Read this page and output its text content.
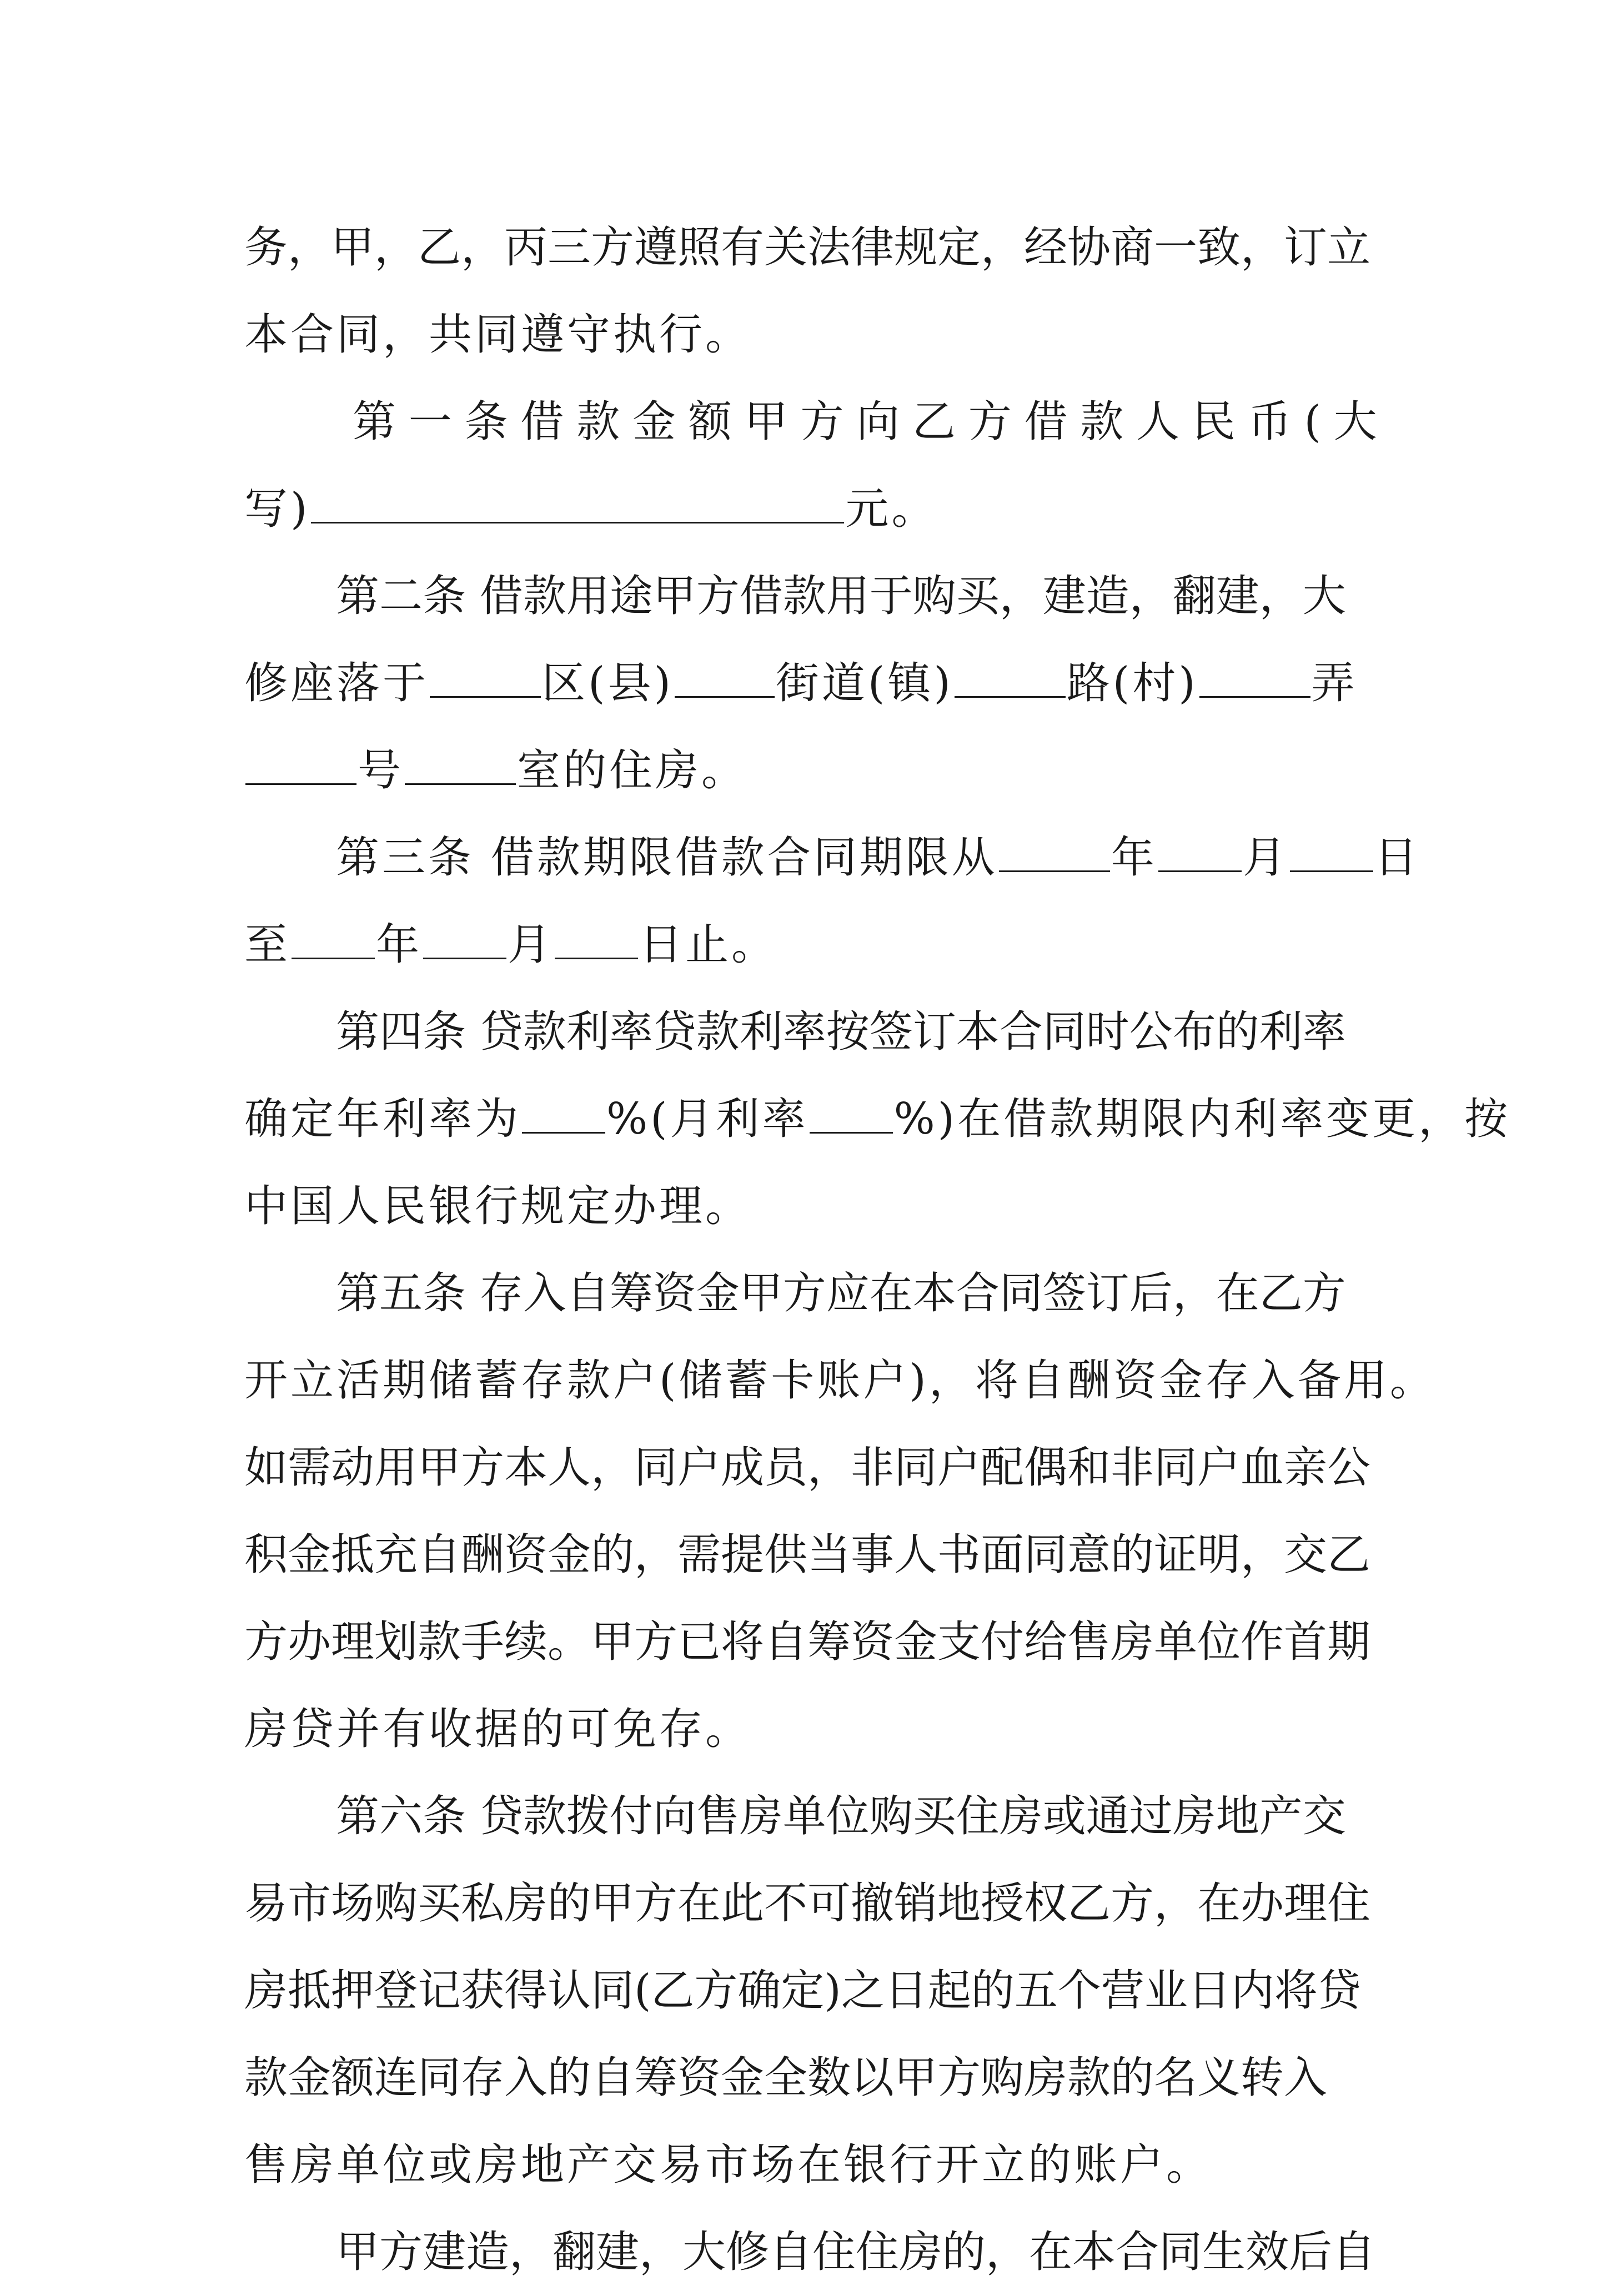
务，甲，乙，丙三方遵照有关法律规定，经协商一致，订立
本合同，共同遵守执行。
第 一 条 借 款 金 额 甲 方 向 乙 方 借 款 人 民 币 ( 大
写)	元。
第二条 借款用途甲方借款用于购买，建造，翻建，大
修座落于	区(县) 街道(镇)	路(村)	弄
号	室的住房。
第三条 借款期限借款合同期限从	年 月 日
至 年 月 日止。
第四条 贷款利率贷款利率按签订本合同时公布的利率
确定年利率为 %(月利率 %)在借款期限内利率变更，按
中国人民银行规定办理。
第五条 存入自筹资金甲方应在本合同签订后，在乙方
开立活期储蓄存款户(储蓄卡账户)，将自酬资金存入备用。
如需动用甲方本人，同户成员，非同户配偶和非同户血亲公
积金抵充自酬资金的，需提供当事人书面同意的证明，交乙
方办理划款手续。甲方已将自筹资金支付给售房单位作首期
房贷并有收据的可免存。
第六条 贷款拨付向售房单位购买住房或通过房地产交
易市场购买私房的甲方在此不可撤销地授权乙方，在办理住
房抵押登记获得认同(乙方确定)之日起的五个营业日内将贷
款金额连同存入的自筹资金全数以甲方购房款的名义转入
售房单位或房地产交易市场在银行开立的账户。
甲方建造，翻建，大修自住住房的，在本合同生效后自
